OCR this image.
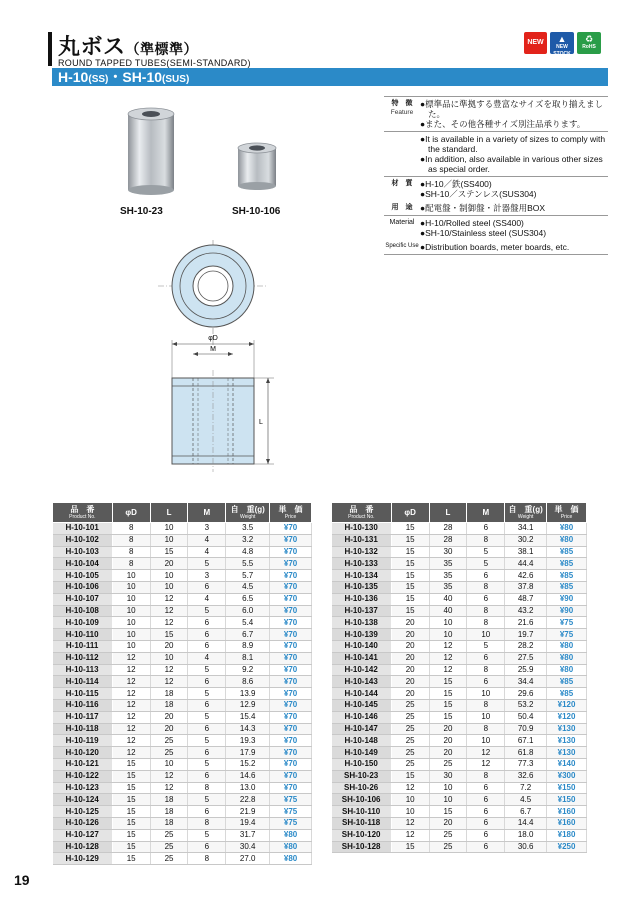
丸ボス（準標準）
ROUND TAPPED TUBES(SEMI-STANDARD)
H-10(SS)・SH-10(SUS)
NEW	▲
NEW STOCK
♻
RoHS
SH-10-23	SH-10-106
特　徴
Feature
●標準品に準拠する豊富なサイズを取り揃えました。
●また、その他各種サイズ別注品承ります。
●It is available in a variety of sizes to comply with the standard.
●In addition, also available in various other sizes as special order.
材　質 ●H-10／鉄(SS400)
●SH-10／ステンレス(SUS304)
用　途 ●配電盤・制御盤・計器盤用BOX
Material ●H-10/Rolled steel (SS400)
●SH-10/Stainless steel (SUS304)
Specific Use ●Distribution boards, meter boards, etc.
φD
M
L
品　番
Product No.	φD	L	M	自　重(g)
Weight	単　価
Price

H-10-101	8	10	3	3.5	¥70
H-10-102	8	10	4	3.2	¥70
H-10-103	8	15	4	4.8	¥70
H-10-104	8	20	5	5.5	¥70
H-10-105	10	10	3	5.7	¥70
H-10-106	10	10	6	4.5	¥70
H-10-107	10	12	4	6.5	¥70
H-10-108	10	12	5	6.0	¥70
H-10-109	10	12	6	5.4	¥70
H-10-110	10	15	6	6.7	¥70
H-10-111	10	20	6	8.9	¥70
H-10-112	12	10	4	8.1	¥70
H-10-113	12	12	5	9.2	¥70
H-10-114	12	12	6	8.6	¥70
H-10-115	12	18	5	13.9	¥70
H-10-116	12	18	6	12.9	¥70
H-10-117	12	20	5	15.4	¥70
H-10-118	12	20	6	14.3	¥70
H-10-119	12	25	5	19.3	¥70
H-10-120	12	25	6	17.9	¥70
H-10-121	15	10	5	15.2	¥70
H-10-122	15	12	6	14.6	¥70
H-10-123	15	12	8	13.0	¥70
H-10-124	15	18	5	22.8	¥75
H-10-125	15	18	6	21.9	¥75
H-10-126	15	18	8	19.4	¥75
H-10-127	15	25	5	31.7	¥80
H-10-128	15	25	6	30.4	¥80
H-10-129	15	25	8	27.0	¥80
品　番
Product No.	φD	L	M	自　重(g)
Weight	単　価
Price

H-10-130	15	28	6	34.1	¥80
H-10-131	15	28	8	30.2	¥80
H-10-132	15	30	5	38.1	¥85
H-10-133	15	35	5	44.4	¥85
H-10-134	15	35	6	42.6	¥85
H-10-135	15	35	8	37.8	¥85
H-10-136	15	40	6	48.7	¥90
H-10-137	15	40	8	43.2	¥90
H-10-138	20	10	8	21.6	¥75
H-10-139	20	10	10	19.7	¥75
H-10-140	20	12	5	28.2	¥80
H-10-141	20	12	6	27.5	¥80
H-10-142	20	12	8	25.9	¥80
H-10-143	20	15	6	34.4	¥85
H-10-144	20	15	10	29.6	¥85
H-10-145	25	15	8	53.2	¥120
H-10-146	25	15	10	50.4	¥120
H-10-147	25	20	8	70.9	¥130
H-10-148	25	20	10	67.1	¥130
H-10-149	25	20	12	61.8	¥130
H-10-150	25	25	12	77.3	¥140
SH-10-23	15	30	8	32.6	¥300
SH-10-26	12	10	6	7.2	¥150
SH-10-106	10	10	6	4.5	¥150
SH-10-110	10	15	6	6.7	¥160
SH-10-118	12	20	6	14.4	¥160
SH-10-120	12	25	6	18.0	¥180
SH-10-128	15	25	6	30.6	¥250
19
